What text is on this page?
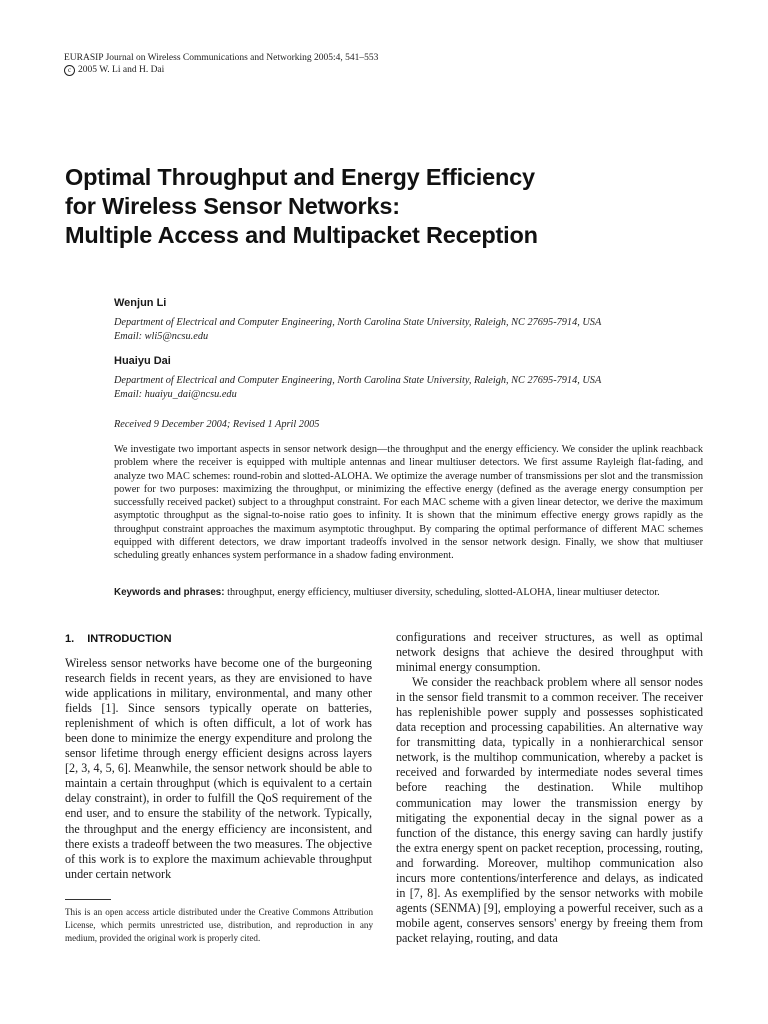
EURASIP Journal on Wireless Communications and Networking 2005:4, 541–553
c 2005 W. Li and H. Dai
Optimal Throughput and Energy Efficiency
for Wireless Sensor Networks:
Multiple Access and Multipacket Reception
Wenjun Li
Department of Electrical and Computer Engineering, North Carolina State University, Raleigh, NC 27695-7914, USA
Email: wli5@ncsu.edu
Huaiyu Dai
Department of Electrical and Computer Engineering, North Carolina State University, Raleigh, NC 27695-7914, USA
Email: huaiyu_dai@ncsu.edu
Received 9 December 2004; Revised 1 April 2005
We investigate two important aspects in sensor network design—the throughput and the energy efficiency. We consider the uplink reachback problem where the receiver is equipped with multiple antennas and linear multiuser detectors. We first assume Rayleigh flat-fading, and analyze two MAC schemes: round-robin and slotted-ALOHA. We optimize the average number of transmissions per slot and the transmission power for two purposes: maximizing the throughput, or minimizing the effective energy (defined as the average energy consumption per successfully received packet) subject to a throughput constraint. For each MAC scheme with a given linear detector, we derive the maximum asymptotic throughput as the signal-to-noise ratio goes to infinity. It is shown that the minimum effective energy grows rapidly as the throughput constraint approaches the maximum asymptotic throughput. By comparing the optimal performance of different MAC schemes equipped with different detectors, we draw important tradeoffs involved in the sensor network design. Finally, we show that multiuser scheduling greatly enhances system performance in a shadow fading environment.
Keywords and phrases: throughput, energy efficiency, multiuser diversity, scheduling, slotted-ALOHA, linear multiuser detector.
1. INTRODUCTION

Wireless sensor networks have become one of the burgeoning research fields in recent years, as they are envisioned to have wide applications in military, environmental, and many other fields [1]. Since sensors typically operate on batteries, replenishment of which is often difficult, a lot of work has been done to minimize the energy expenditure and prolong the sensor lifetime through energy efficient designs across layers [2, 3, 4, 5, 6]. Meanwhile, the sensor network should be able to maintain a certain throughput (which is equivalent to a certain delay constraint), in order to fulfill the QoS requirement of the end user, and to ensure the stability of the network. Typically, the throughput and the energy efficiency are inconsistent, and there exists a tradeoff between the two measures. The objective of this work is to explore the maximum achievable throughput under certain network

configurations and receiver structures, as well as optimal network designs that achieve the desired throughput with minimal energy consumption.

We consider the reachback problem where all sensor nodes in the sensor field transmit to a common receiver. The receiver has replenishible power supply and possesses sophisticated data reception and processing capabilities. An alternative way for transmitting data, typically in a nonhierarchical sensor network, is the multihop communication, whereby a packet is received and forwarded by intermediate nodes several times before reaching the destination. While multihop communication may lower the transmission energy by mitigating the exponential decay in the signal power as a function of the distance, this energy saving can hardly justify the extra energy spent on packet reception, processing, routing, and forwarding. Moreover, multihop communication also incurs more contentions/interference and delays, as indicated in [7, 8]. As exemplified by the sensor networks with mobile agents (SENMA) [9], employing a powerful receiver, such as a mobile agent, conserves sensors' energy by freeing them from packet relaying, routing, and data

This is an open access article distributed under the Creative Commons Attribution License, which permits unrestricted use, distribution, and reproduction in any medium, provided the original work is properly cited.
